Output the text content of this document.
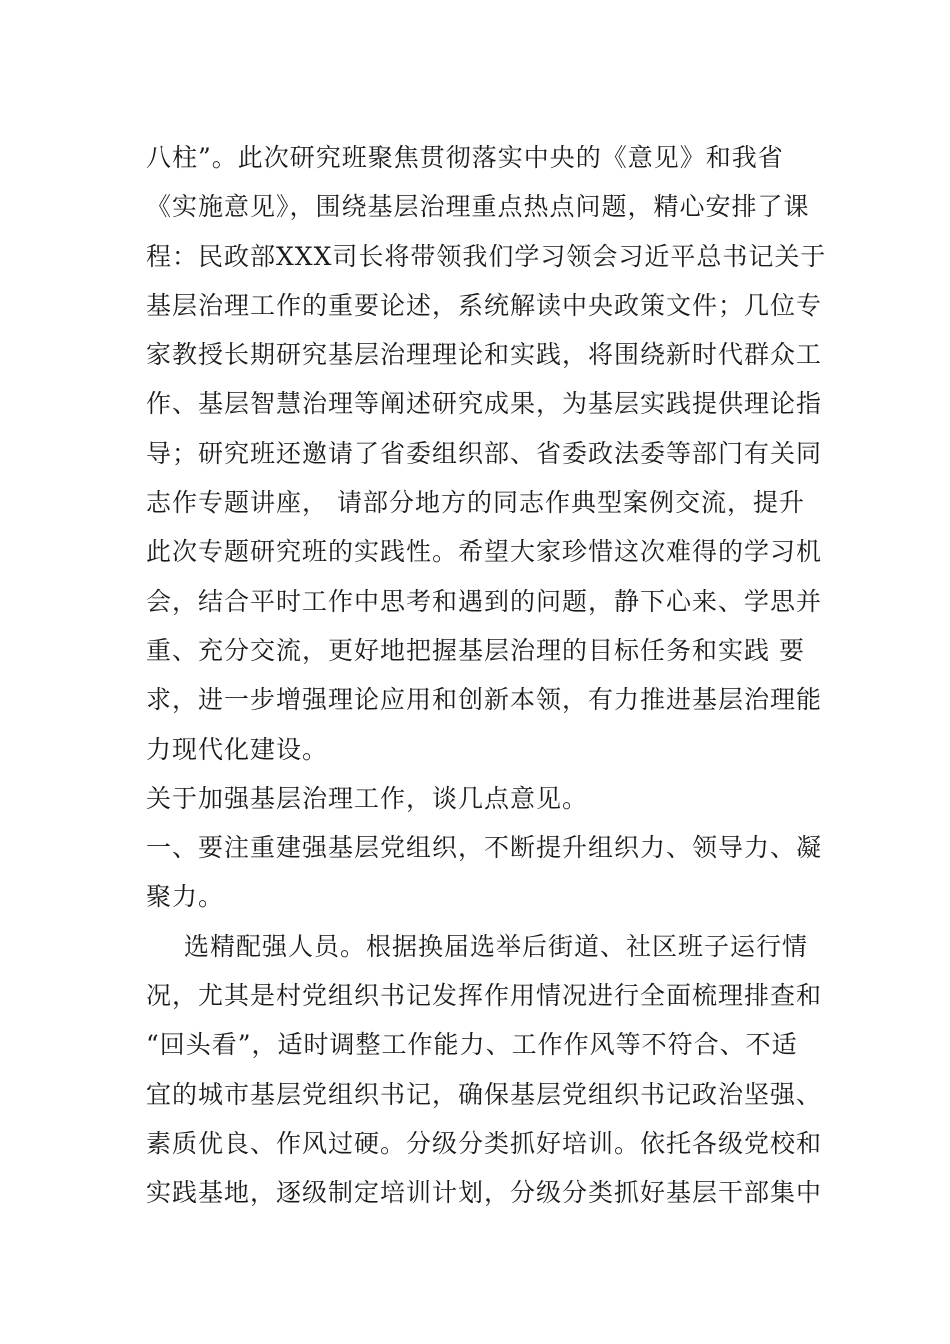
八柱”。此次研究班聚焦贯彻落实中央的《意见》和我省
《实施意见》，围绕基层治理重点热点问题，精心安排了课
程：民政部XXX司长将带领我们学习领会习近平总书记关于
基层治理工作的重要论述，系统解读中央政策文件；几位专
家教授长期研究基层治理理论和实践，将围绕新时代群众工
作、基层智慧治理等阐述研究成果，为基层实践提供理论指
导；研究班还邀请了省委组织部、省委政法委等部门有关同
志作专题讲座， 请部分地方的同志作典型案例交流，提升
此次专题研究班的实践性。希望大家珍惜这次难得的学习机
会，结合平时工作中思考和遇到的问题，静下心来、学思并
重、充分交流，更好地把握基层治理的目标任务和实践 要
求，进一步增强理论应用和创新本领，有力推进基层治理能
力现代化建设。
关于加强基层治理工作，谈几点意见。
一、要注重建强基层党组织，不断提升组织力、领导力、凝
聚力。
选精配强人员。根据换届选举后街道、社区班子运行情
况，尤其是村党组织书记发挥作用情况进行全面梳理排查和
“回头看”，适时调整工作能力、工作作风等不符合、不适
宜的城市基层党组织书记，确保基层党组织书记政治坚强、
素质优良、作风过硬。分级分类抓好培训。依托各级党校和
实践基地，逐级制定培训计划，分级分类抓好基层干部集中
